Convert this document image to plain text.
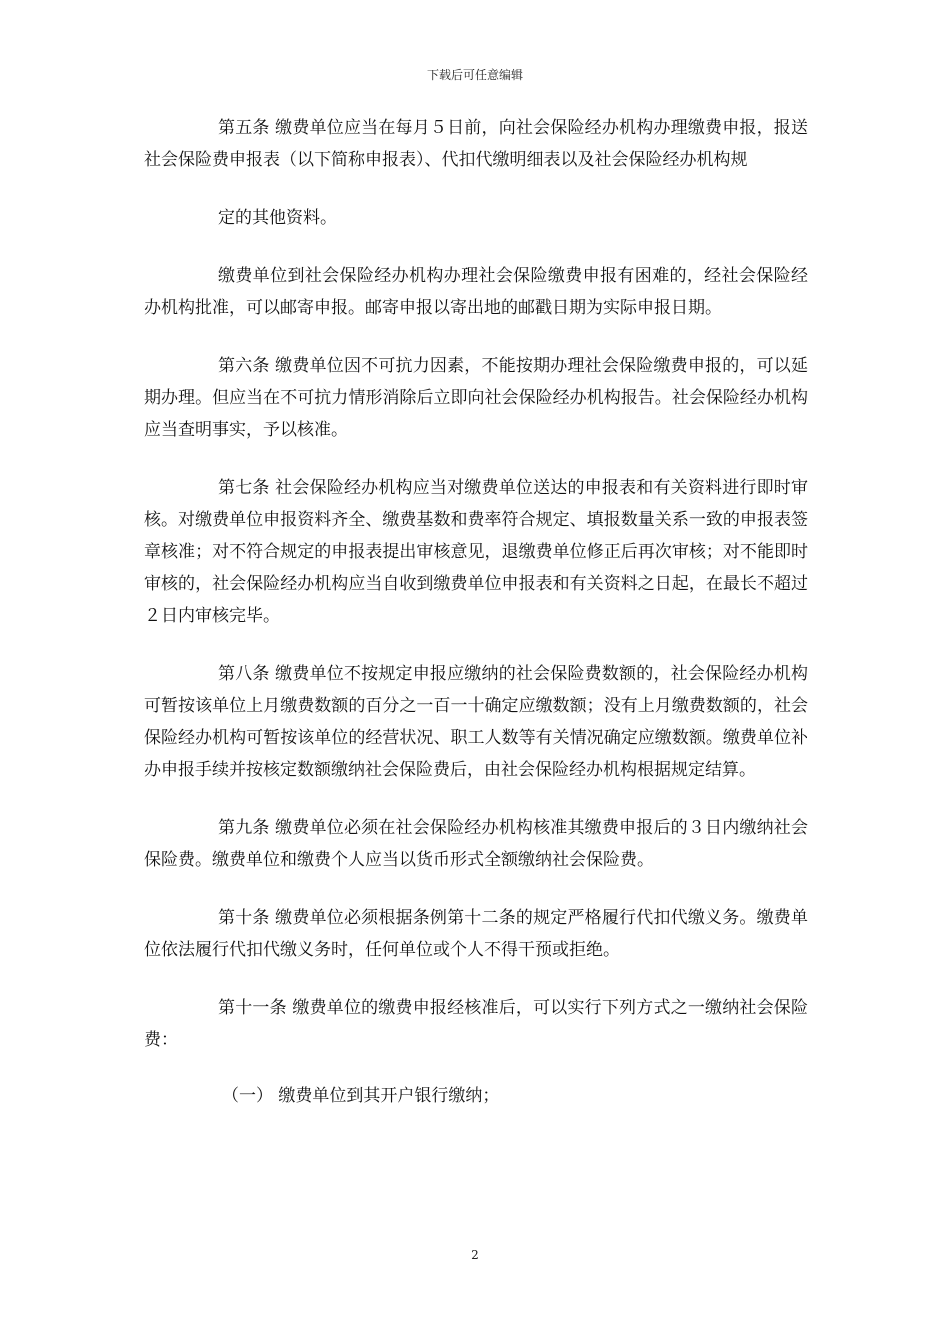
下载后可任意编辑

第五条 缴费单位应当在每月５日前，向社会保险经办机构办理缴费申报，报送社会保险费申报表（以下简称申报表）、代扣代缴明细表以及社会保险经办机构规

定的其他资料。

缴费单位到社会保险经办机构办理社会保险缴费申报有困难的，经社会保险经办机构批准，可以邮寄申报。邮寄申报以寄出地的邮戳日期为实际申报日期。

第六条 缴费单位因不可抗力因素，不能按期办理社会保险缴费申报的，可以延期办理。但应当在不可抗力情形消除后立即向社会保险经办机构报告。社会保险经办机构应当查明事实，予以核准。

第七条 社会保险经办机构应当对缴费单位送达的申报表和有关资料进行即时审核。对缴费单位申报资料齐全、缴费基数和费率符合规定、填报数量关系一致的申报表签章核准；对不符合规定的申报表提出审核意见，退缴费单位修正后再次审核；对不能即时审核的，社会保险经办机构应当自收到缴费单位申报表和有关资料之日起，在最长不超过２日内审核完毕。

第八条 缴费单位不按规定申报应缴纳的社会保险费数额的，社会保险经办机构可暂按该单位上月缴费数额的百分之一百一十确定应缴数额；没有上月缴费数额的，社会保险经办机构可暂按该单位的经营状况、职工人数等有关情况确定应缴数额。缴费单位补办申报手续并按核定数额缴纳社会保险费后，由社会保险经办机构根据规定结算。

第九条 缴费单位必须在社会保险经办机构核准其缴费申报后的３日内缴纳社会保险费。缴费单位和缴费个人应当以货币形式全额缴纳社会保险费。

第十条 缴费单位必须根据条例第十二条的规定严格履行代扣代缴义务。缴费单位依法履行代扣代缴义务时，任何单位或个人不得干预或拒绝。

第十一条 缴费单位的缴费申报经核准后，可以实行下列方式之一缴纳社会保险费：

（一） 缴费单位到其开户银行缴纳；

2
